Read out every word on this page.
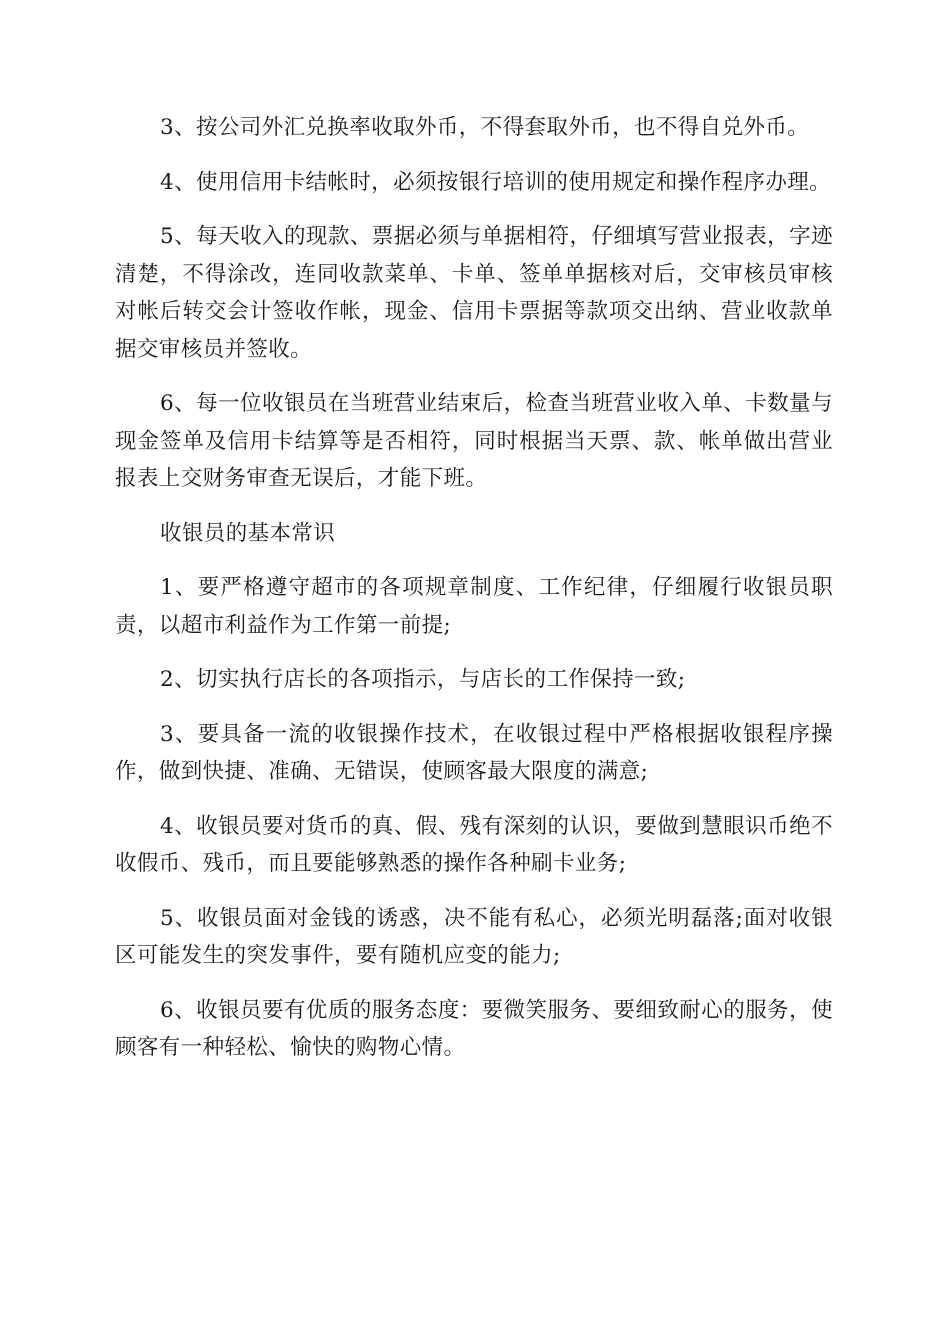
3、按公司外汇兑换率收取外币，不得套取外币，也不得自兑外币。

4、使用信用卡结帐时，必须按银行培训的使用规定和操作程序办理。

5、每天收入的现款、票据必须与单据相符，仔细填写营业报表，字迹清楚，不得涂改，连同收款菜单、卡单、签单单据核对后，交审核员审核对帐后转交会计签收作帐，现金、信用卡票据等款项交出纳、营业收款单据交审核员并签收。

6、每一位收银员在当班营业结束后，检查当班营业收入单、卡数量与现金签单及信用卡结算等是否相符，同时根据当天票、款、帐单做出营业报表上交财务审查无误后，才能下班。

收银员的基本常识

1、要严格遵守超市的各项规章制度、工作纪律，仔细履行收银员职责，以超市利益作为工作第一前提;

2、切实执行店长的各项指示，与店长的工作保持一致;

3、要具备一流的收银操作技术，在收银过程中严格根据收银程序操作，做到快捷、准确、无错误，使顾客最大限度的满意;

4、收银员要对货币的真、假、残有深刻的认识，要做到慧眼识币绝不收假币、残币，而且要能够熟悉的操作各种刷卡业务;

5、收银员面对金钱的诱惑，决不能有私心，必须光明磊落;面对收银区可能发生的突发事件，要有随机应变的能力;

6、收银员要有优质的服务态度：要微笑服务、要细致耐心的服务，使顾客有一种轻松、愉快的购物心情。
